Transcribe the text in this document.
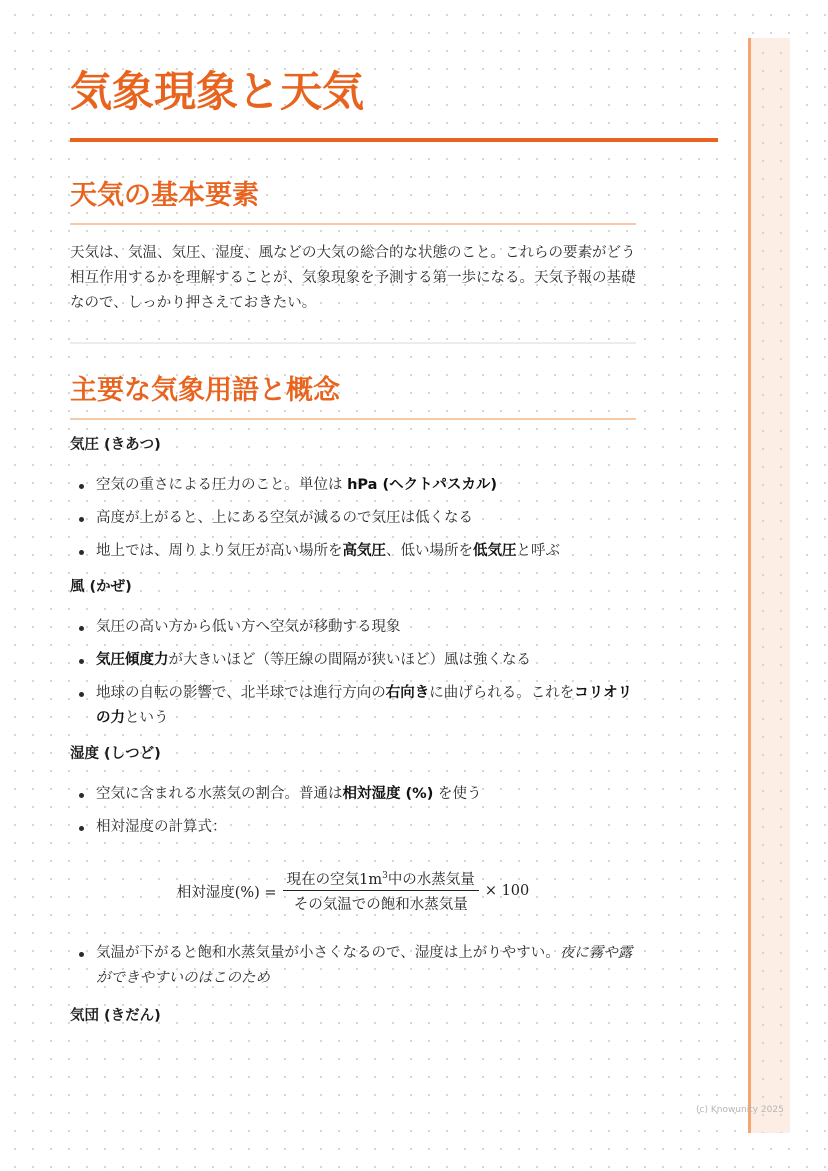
気象現象と天気
天気の基本要素

天気は、気温、気圧、湿度、風などの大気の総合的な状態のこと。これらの要素がどう相互作用するかを理解することが、気象現象を予測する第一歩になる。天気予報の基礎なので、しっかり押さえておきたい。

主要な気象用語と概念
気圧 (きあつ)
空気の重さによる圧力のこと。単位は hPa (ヘクトパスカル)
高度が上がると、上にある空気が減るので気圧は低くなる
地上では、周りより気圧が高い場所を高気圧、低い場所を低気圧と呼ぶ
風 (かぜ)
気圧の高い方から低い方へ空気が移動する現象
気圧傾度力が大きいほど（等圧線の間隔が狭いほど）風は強くなる
地球の自転の影響で、北半球では進行方向の右向きに曲げられる。これをコリオリの力という
湿度 (しつど)
空気に含まれる水蒸気の割合。普通は相対湿度 (%) を使う
相対湿度の計算式：
相対湿度(%) = $\frac{現在の空気1m^3中の水蒸気量}{\text{その気温での飽和水蒸気量}} \times 100$
気温が下がると飽和水蒸気量が小さくなるので、湿度は上がりやすい。夜に霧や露ができやすいのはこのため
気団 (きだん)
(c) Knowunity 2025
